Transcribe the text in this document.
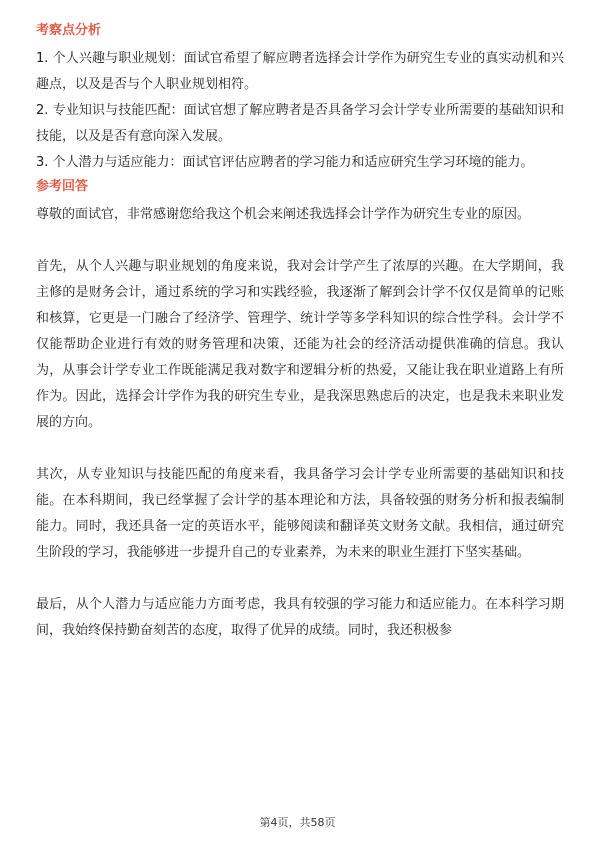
考察点分析

1. 个人兴趣与职业规划：面试官希望了解应聘者选择会计学作为研究生专业的真实动机和兴趣点，以及是否与个人职业规划相符。

2. 专业知识与技能匹配：面试官想了解应聘者是否具备学习会计学专业所需要的基础知识和技能，以及是否有意向深入发展。

3. 个人潜力与适应能力：面试官评估应聘者的学习能力和适应研究生学习环境的能力。

参考回答

尊敬的面试官，非常感谢您给我这个机会来阐述我选择会计学作为研究生专业的原因。

首先，从个人兴趣与职业规划的角度来说，我对会计学产生了浓厚的兴趣。在大学期间，我主修的是财务会计，通过系统的学习和实践经验，我逐渐了解到会计学不仅仅是简单的记账和核算，它更是一门融合了经济学、管理学、统计学等多学科知识的综合性学科。会计学不仅能帮助企业进行有效的财务管理和决策，还能为社会的经济活动提供准确的信息。我认为，从事会计学专业工作既能满足我对数字和逻辑分析的热爱，又能让我在职业道路上有所作为。因此，选择会计学作为我的研究生专业，是我深思熟虑后的决定，也是我未来职业发展的方向。

其次，从专业知识与技能匹配的角度来看，我具备学习会计学专业所需要的基础知识和技能。在本科期间，我已经掌握了会计学的基本理论和方法，具备较强的财务分析和报表编制能力。同时，我还具备一定的英语水平，能够阅读和翻译英文财务文献。我相信，通过研究生阶段的学习，我能够进一步提升自己的专业素养，为未来的职业生涯打下坚实基础。

最后，从个人潜力与适应能力方面考虑，我具有较强的学习能力和适应能力。在本科学习期间，我始终保持勤奋刻苦的态度，取得了优异的成绩。同时，我还积极参

第4页，共58页
